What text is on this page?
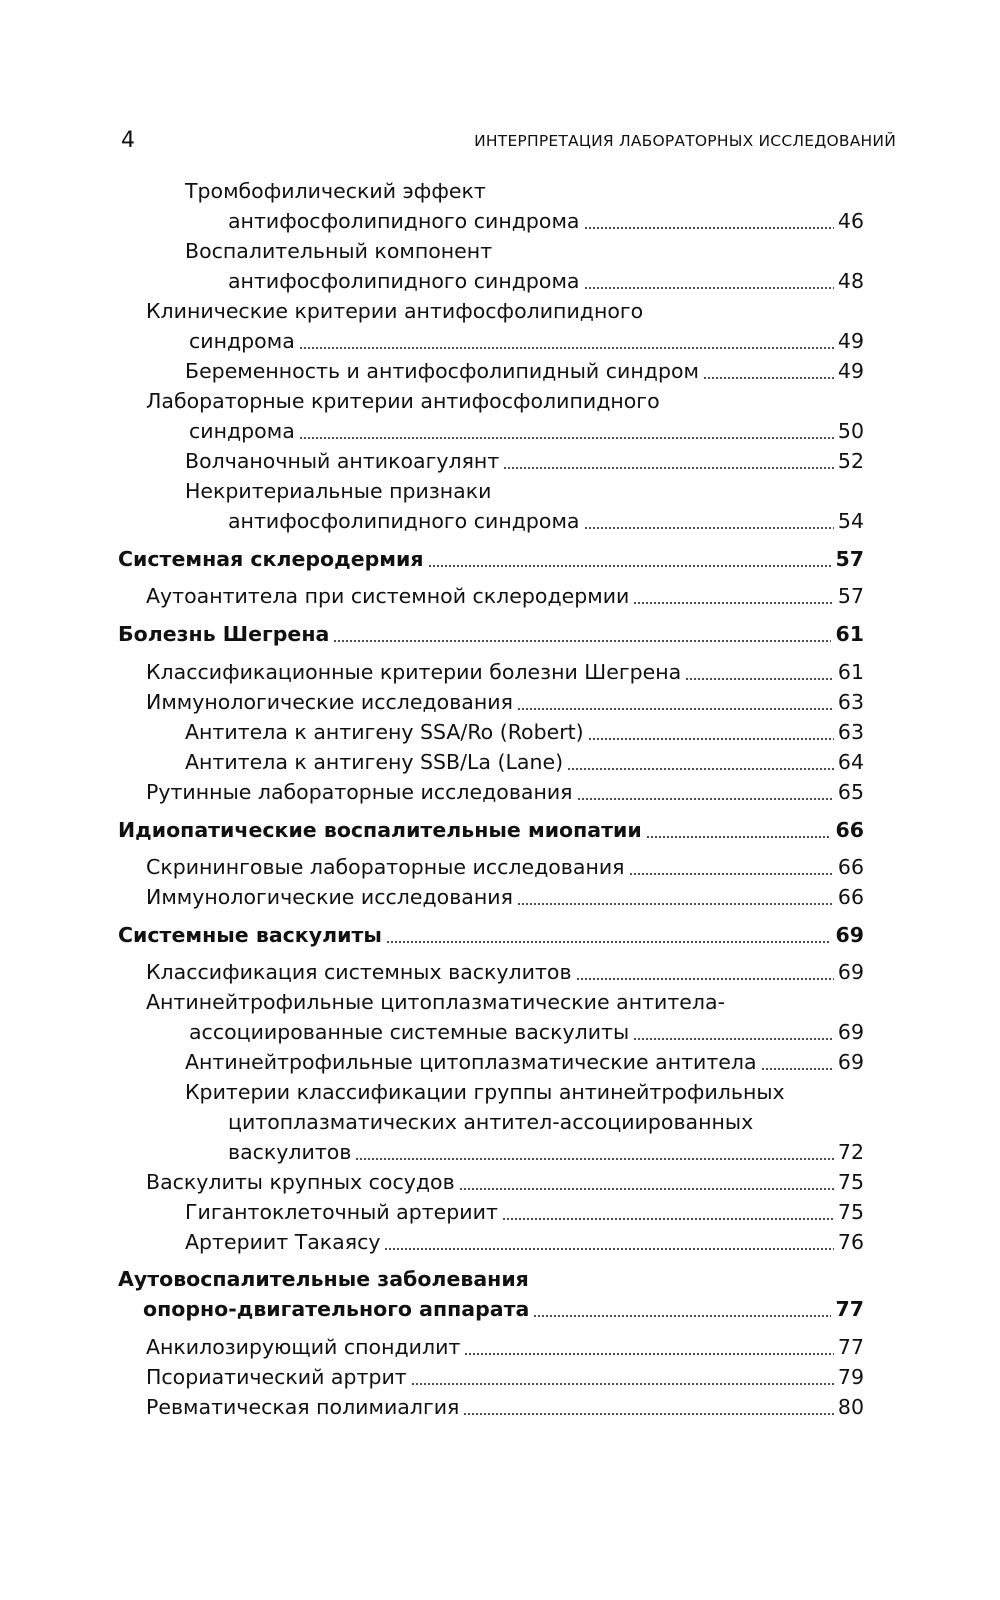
4	ИНТЕРПРЕТАЦИЯ ЛАБОРАТОРНЫХ ИССЛЕДОВАНИЙ
Тромбофилический эффект
антифосфолипидного синдрома	46
Воспалительный компонент
антифосфолипидного синдрома	48
Клинические критерии антифосфолипидного
синдрома	49
Беременность и антифосфолипидный синдром	49
Лабораторные критерии антифосфолипидного
синдрома	50
Волчаночный антикоагулянт	52
Некритериальные признаки
антифосфолипидного синдрома	54
Системная склеродермия	57
Аутоантитела при системной склеродермии	57
Болезнь Шегрена	61
Классификационные критерии болезни Шегрена	61
Иммунологические исследования	63
Антитела к антигену SSA/Ro (Robert)	63
Антитела к антигену SSB/La (Lane)	64
Рутинные лабораторные исследования	65
Идиопатические воспалительные миопатии	66
Скрининговые лабораторные исследования	66
Иммунологические исследования	66
Системные васкулиты	69
Классификация системных васкулитов	69
Антинейтрофильные цитоплазматические антитела-
ассоциированные системные васкулиты	69
Антинейтрофильные цитоплазматические антитела	69
Критерии классификации группы антинейтрофильных
цитоплазматических антител-ассоциированных
васкулитов	72
Васкулиты крупных сосудов	75
Гигантоклеточный артериит	75
Артериит Такаясу	76
Аутовоспалительные заболевания
опорно-двигательного аппарата	77
Анкилозирующий спондилит	77
Псориатический артрит	79
Ревматическая полимиалгия	80
